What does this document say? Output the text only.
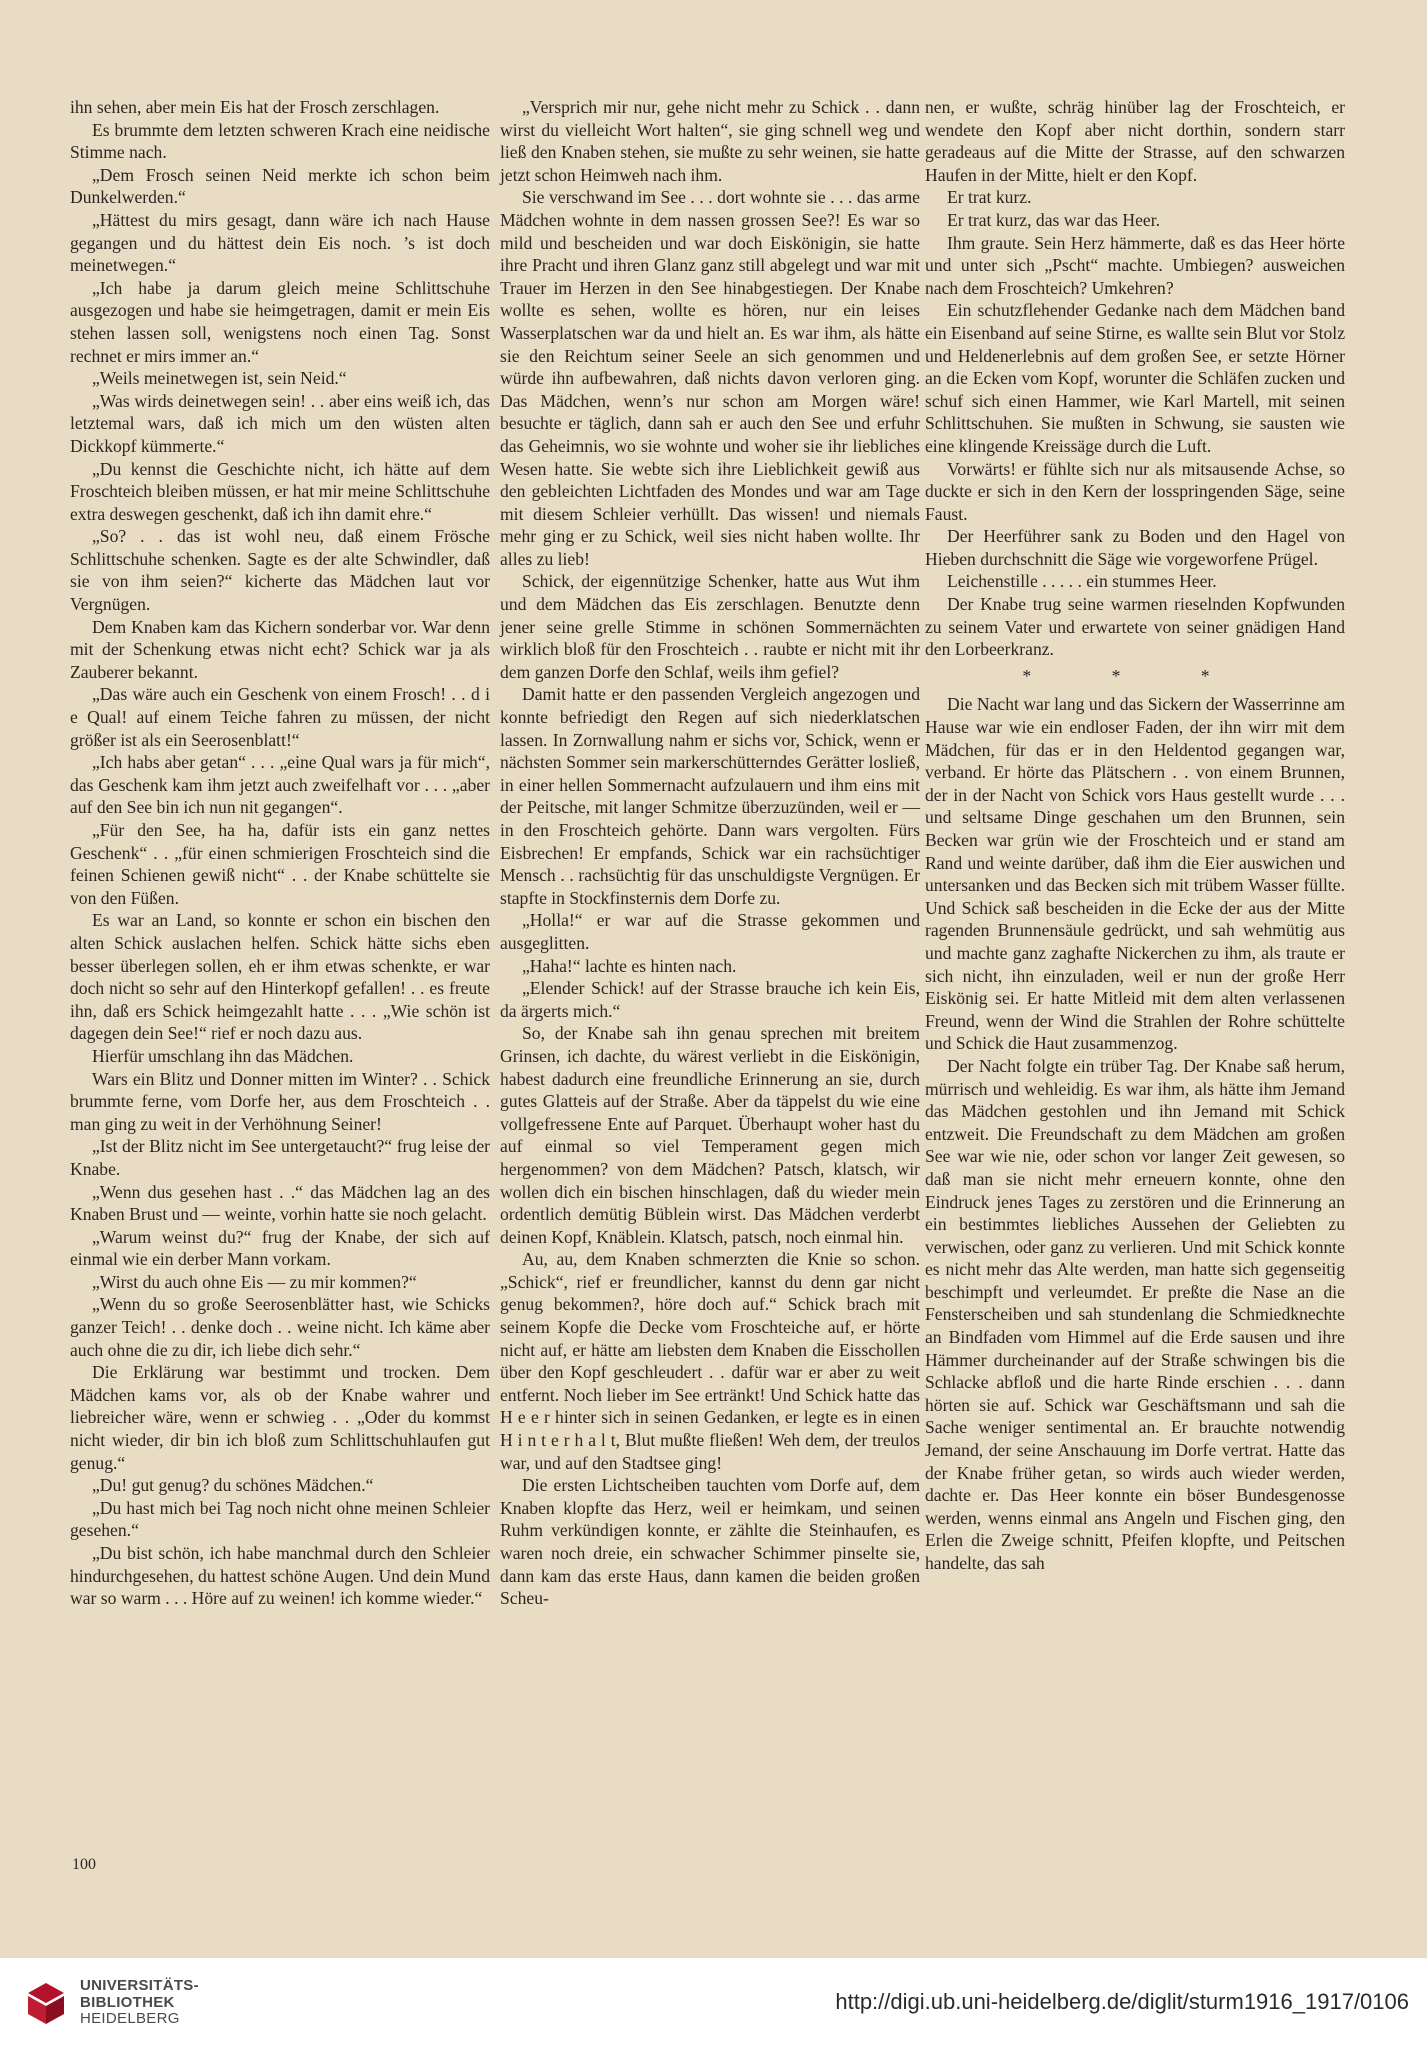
ihn sehen, aber mein Eis hat der Frosch zerschlagen.

Es brummte dem letzten schweren Krach eine neidische Stimme nach.

„Dem Frosch seinen Neid merkte ich schon beim Dunkelwerden.“

„Hättest du mirs gesagt, dann wäre ich nach Hause gegangen und du hättest dein Eis noch. ’s ist doch meinetwegen.“

„Ich habe ja darum gleich meine Schlittschuhe ausgezogen und habe sie heimgetragen, damit er mein Eis stehen lassen soll, wenigstens noch einen Tag. Sonst rechnet er mirs immer an.“

„Weils meinetwegen ist, sein Neid.“

„Was wirds deinetwegen sein! . . aber eins weiß ich, das letztemal wars, daß ich mich um den wüsten alten Dickkopf kümmerte.“

„Du kennst die Geschichte nicht, ich hätte auf dem Froschteich bleiben müssen, er hat mir meine Schlittschuhe extra deswegen geschenkt, daß ich ihn damit ehre.“

„So? . . das ist wohl neu, daß einem Frösche Schlittschuhe schenken. Sagte es der alte Schwindler, daß sie von ihm seien?“ kicherte das Mädchen laut vor Vergnügen.

Dem Knaben kam das Kichern sonderbar vor. War denn mit der Schenkung etwas nicht echt? Schick war ja als Zauberer bekannt.

„Das wäre auch ein Geschenk von einem Frosch! . . d i e Qual! auf einem Teiche fahren zu müssen, der nicht größer ist als ein Seerosenblatt!“

„Ich habs aber getan“ . . . „eine Qual wars ja für mich“, das Geschenk kam ihm jetzt auch zweifelhaft vor . . . „aber auf den See bin ich nun nit gegangen“.

„Für den See, ha ha, dafür ists ein ganz nettes Geschenk“ . . „für einen schmierigen Froschteich sind die feinen Schienen gewiß nicht“ . . der Knabe schüttelte sie von den Füßen.

Es war an Land, so konnte er schon ein bischen den alten Schick auslachen helfen. Schick hätte sichs eben besser überlegen sollen, eh er ihm etwas schenkte, er war doch nicht so sehr auf den Hinterkopf gefallen! . . es freute ihn, daß ers Schick heimgezahlt hatte . . . „Wie schön ist dagegen dein See!“ rief er noch dazu aus.

Hierfür umschlang ihn das Mädchen.

Wars ein Blitz und Donner mitten im Winter? . . Schick brummte ferne, vom Dorfe her, aus dem Froschteich . . man ging zu weit in der Verhöhnung Seiner!

„Ist der Blitz nicht im See untergetaucht?“ frug leise der Knabe.

„Wenn dus gesehen hast . .“ das Mädchen lag an des Knaben Brust und — weinte, vorhin hatte sie noch gelacht.

„Warum weinst du?“ frug der Knabe, der sich auf einmal wie ein derber Mann vorkam.

„Wirst du auch ohne Eis — zu mir kommen?“

„Wenn du so große Seerosenblätter hast, wie Schicks ganzer Teich! . . denke doch . . weine nicht. Ich käme aber auch ohne die zu dir, ich liebe dich sehr.“

Die Erklärung war bestimmt und trocken. Dem Mädchen kams vor, als ob der Knabe wahrer und liebreicher wäre, wenn er schwieg . . „Oder du kommst nicht wieder, dir bin ich bloß zum Schlittschuhlaufen gut genug.“

„Du! gut genug? du schönes Mädchen.“

„Du hast mich bei Tag noch nicht ohne meinen Schleier gesehen.“

„Du bist schön, ich habe manchmal durch den Schleier hindurchgesehen, du hattest schöne Augen. Und dein Mund war so warm . . . Höre auf zu weinen! ich komme wieder.“

„Versprich mir nur, gehe nicht mehr zu Schick . . dann wirst du vielleicht Wort halten“, sie ging schnell weg und ließ den Knaben stehen, sie mußte zu sehr weinen, sie hatte jetzt schon Heimweh nach ihm.

Sie verschwand im See . . . dort wohnte sie . . . das arme Mädchen wohnte in dem nassen grossen See?! Es war so mild und bescheiden und war doch Eiskönigin, sie hatte ihre Pracht und ihren Glanz ganz still abgelegt und war mit Trauer im Herzen in den See hinabgestiegen. Der Knabe wollte es sehen, wollte es hören, nur ein leises Wasserplatschen war da und hielt an. Es war ihm, als hätte sie den Reichtum seiner Seele an sich genommen und würde ihn aufbewahren, daß nichts davon verloren ging. Das Mädchen, wenn’s nur schon am Morgen wäre! besuchte er täglich, dann sah er auch den See und erfuhr das Geheimnis, wo sie wohnte und woher sie ihr liebliches Wesen hatte. Sie webte sich ihre Lieblichkeit gewiß aus den gebleichten Lichtfaden des Mondes und war am Tage mit diesem Schleier verhüllt. Das wissen! und niemals mehr ging er zu Schick, weil sies nicht haben wollte. Ihr alles zu lieb!

Schick, der eigennützige Schenker, hatte aus Wut ihm und dem Mädchen das Eis zerschlagen. Benutzte denn jener seine grelle Stimme in schönen Sommernächten wirklich bloß für den Froschteich . . raubte er nicht mit ihr dem ganzen Dorfe den Schlaf, weils ihm gefiel?

Damit hatte er den passenden Vergleich angezogen und konnte befriedigt den Regen auf sich niederklatschen lassen. In Zornwallung nahm er sichs vor, Schick, wenn er nächsten Sommer sein markerschütterndes Gerätter losließ, in einer hellen Sommernacht aufzulauern und ihm eins mit der Peitsche, mit langer Schmitze überzuzünden, weil er — in den Froschteich gehörte. Dann wars vergolten. Fürs Eisbrechen! Er empfands, Schick war ein rachsüchtiger Mensch . . rachsüchtig für das unschuldigste Vergnügen. Er stapfte in Stockfinsternis dem Dorfe zu.

„Holla!“ er war auf die Strasse gekommen und ausgeglitten.

„Haha!“ lachte es hinten nach.

„Elender Schick! auf der Strasse brauche ich kein Eis, da ärgerts mich.“

So, der Knabe sah ihn genau sprechen mit breitem Grinsen, ich dachte, du wärest verliebt in die Eiskönigin, habest dadurch eine freundliche Erinnerung an sie, durch gutes Glatteis auf der Straße. Aber da täppelst du wie eine vollgefressene Ente auf Parquet. Überhaupt woher hast du auf einmal so viel Temperament gegen mich hergenommen? von dem Mädchen? Patsch, klatsch, wir wollen dich ein bischen hinschlagen, daß du wieder mein ordentlich demütig Büblein wirst. Das Mädchen verderbt deinen Kopf, Knäblein. Klatsch, patsch, noch einmal hin.

Au, au, dem Knaben schmerzten die Knie so schon. „Schick“, rief er freundlicher, kannst du denn gar nicht genug bekommen?, höre doch auf.“ Schick brach mit seinem Kopfe die Decke vom Froschteiche auf, er hörte nicht auf, er hätte am liebsten dem Knaben die Eisschollen über den Kopf geschleudert . . dafür war er aber zu weit entfernt. Noch lieber im See ertränkt! Und Schick hatte das H e e r hinter sich in seinen Gedanken, er legte es in einen H i n t e r h a l t, Blut mußte fließen! Weh dem, der treulos war, und auf den Stadtsee ging!

Die ersten Lichtscheiben tauchten vom Dorfe auf, dem Knaben klopfte das Herz, weil er heimkam, und seinen Ruhm verkündigen konnte, er zählte die Steinhaufen, es waren noch dreie, ein schwacher Schimmer pinselte sie, dann kam das erste Haus, dann kamen die beiden großen Scheu-

nen, er wußte, schräg hinüber lag der Froschteich, er wendete den Kopf aber nicht dorthin, sondern starr geradeaus auf die Mitte der Strasse, auf den schwarzen Haufen in der Mitte, hielt er den Kopf.

Er trat kurz.

Er trat kurz, das war das Heer.

Ihm graute. Sein Herz hämmerte, daß es das Heer hörte und unter sich „Pscht“ machte. Umbiegen? ausweichen nach dem Froschteich? Umkehren?

Ein schutzflehender Gedanke nach dem Mädchen band ein Eisenband auf seine Stirne, es wallte sein Blut vor Stolz und Heldenerlebnis auf dem großen See, er setzte Hörner an die Ecken vom Kopf, worunter die Schläfen zucken und schuf sich einen Hammer, wie Karl Martell, mit seinen Schlittschuhen. Sie mußten in Schwung, sie sausten wie eine klingende Kreissäge durch die Luft.

Vorwärts! er fühlte sich nur als mitsausende Achse, so duckte er sich in den Kern der losspringenden Säge, seine Faust.

Der Heerführer sank zu Boden und den Hagel von Hieben durchschnitt die Säge wie vorgeworfene Prügel.

Leichenstille . . . . . ein stummes Heer.

Der Knabe trug seine warmen rieselnden Kopfwunden zu seinem Vater und erwartete von seiner gnädigen Hand den Lorbeerkranz.

* * *

Die Nacht war lang und das Sickern der Wasserrinne am Hause war wie ein endloser Faden, der ihn wirr mit dem Mädchen, für das er in den Heldentod gegangen war, verband. Er hörte das Plätschern . . von einem Brunnen, der in der Nacht von Schick vors Haus gestellt wurde . . . und seltsame Dinge geschahen um den Brunnen, sein Becken war grün wie der Froschteich und er stand am Rand und weinte darüber, daß ihm die Eier auswichen und untersanken und das Becken sich mit trübem Wasser füllte. Und Schick saß bescheiden in die Ecke der aus der Mitte ragenden Brunnensäule gedrückt, und sah wehmütig aus und machte ganz zaghafte Nickerchen zu ihm, als traute er sich nicht, ihn einzuladen, weil er nun der große Herr Eiskönig sei. Er hatte Mitleid mit dem alten verlassenen Freund, wenn der Wind die Strahlen der Rohre schüttelte und Schick die Haut zusammenzog.

Der Nacht folgte ein trüber Tag. Der Knabe saß herum, mürrisch und wehleidig. Es war ihm, als hätte ihm Jemand das Mädchen gestohlen und ihn Jemand mit Schick entzweit. Die Freundschaft zu dem Mädchen am großen See war wie nie, oder schon vor langer Zeit gewesen, so daß man sie nicht mehr erneuern konnte, ohne den Eindruck jenes Tages zu zerstören und die Erinnerung an ein bestimmtes liebliches Aussehen der Geliebten zu verwischen, oder ganz zu verlieren. Und mit Schick konnte es nicht mehr das Alte werden, man hatte sich gegenseitig beschimpft und verleumdet. Er preßte die Nase an die Fensterscheiben und sah stundenlang die Schmiedknechte an Bindfaden vom Himmel auf die Erde sausen und ihre Hämmer durcheinander auf der Straße schwingen bis die Schlacke abfloß und die harte Rinde erschien . . . dann hörten sie auf. Schick war Geschäftsmann und sah die Sache weniger sentimental an. Er brauchte notwendig Jemand, der seine Anschauung im Dorfe vertrat. Hatte das der Knabe früher getan, so wirds auch wieder werden, dachte er. Das Heer konnte ein böser Bundesgenosse werden, wenns einmal ans Angeln und Fischen ging, den Erlen die Zweige schnitt, Pfeifen klopfte, und Peitschen handelte, das sah

100
UNIVERSITÄTS-
BIBLIOTHEK
HEIDELBERG
http://digi.ub.uni-heidelberg.de/diglit/sturm1916_1917/0106
